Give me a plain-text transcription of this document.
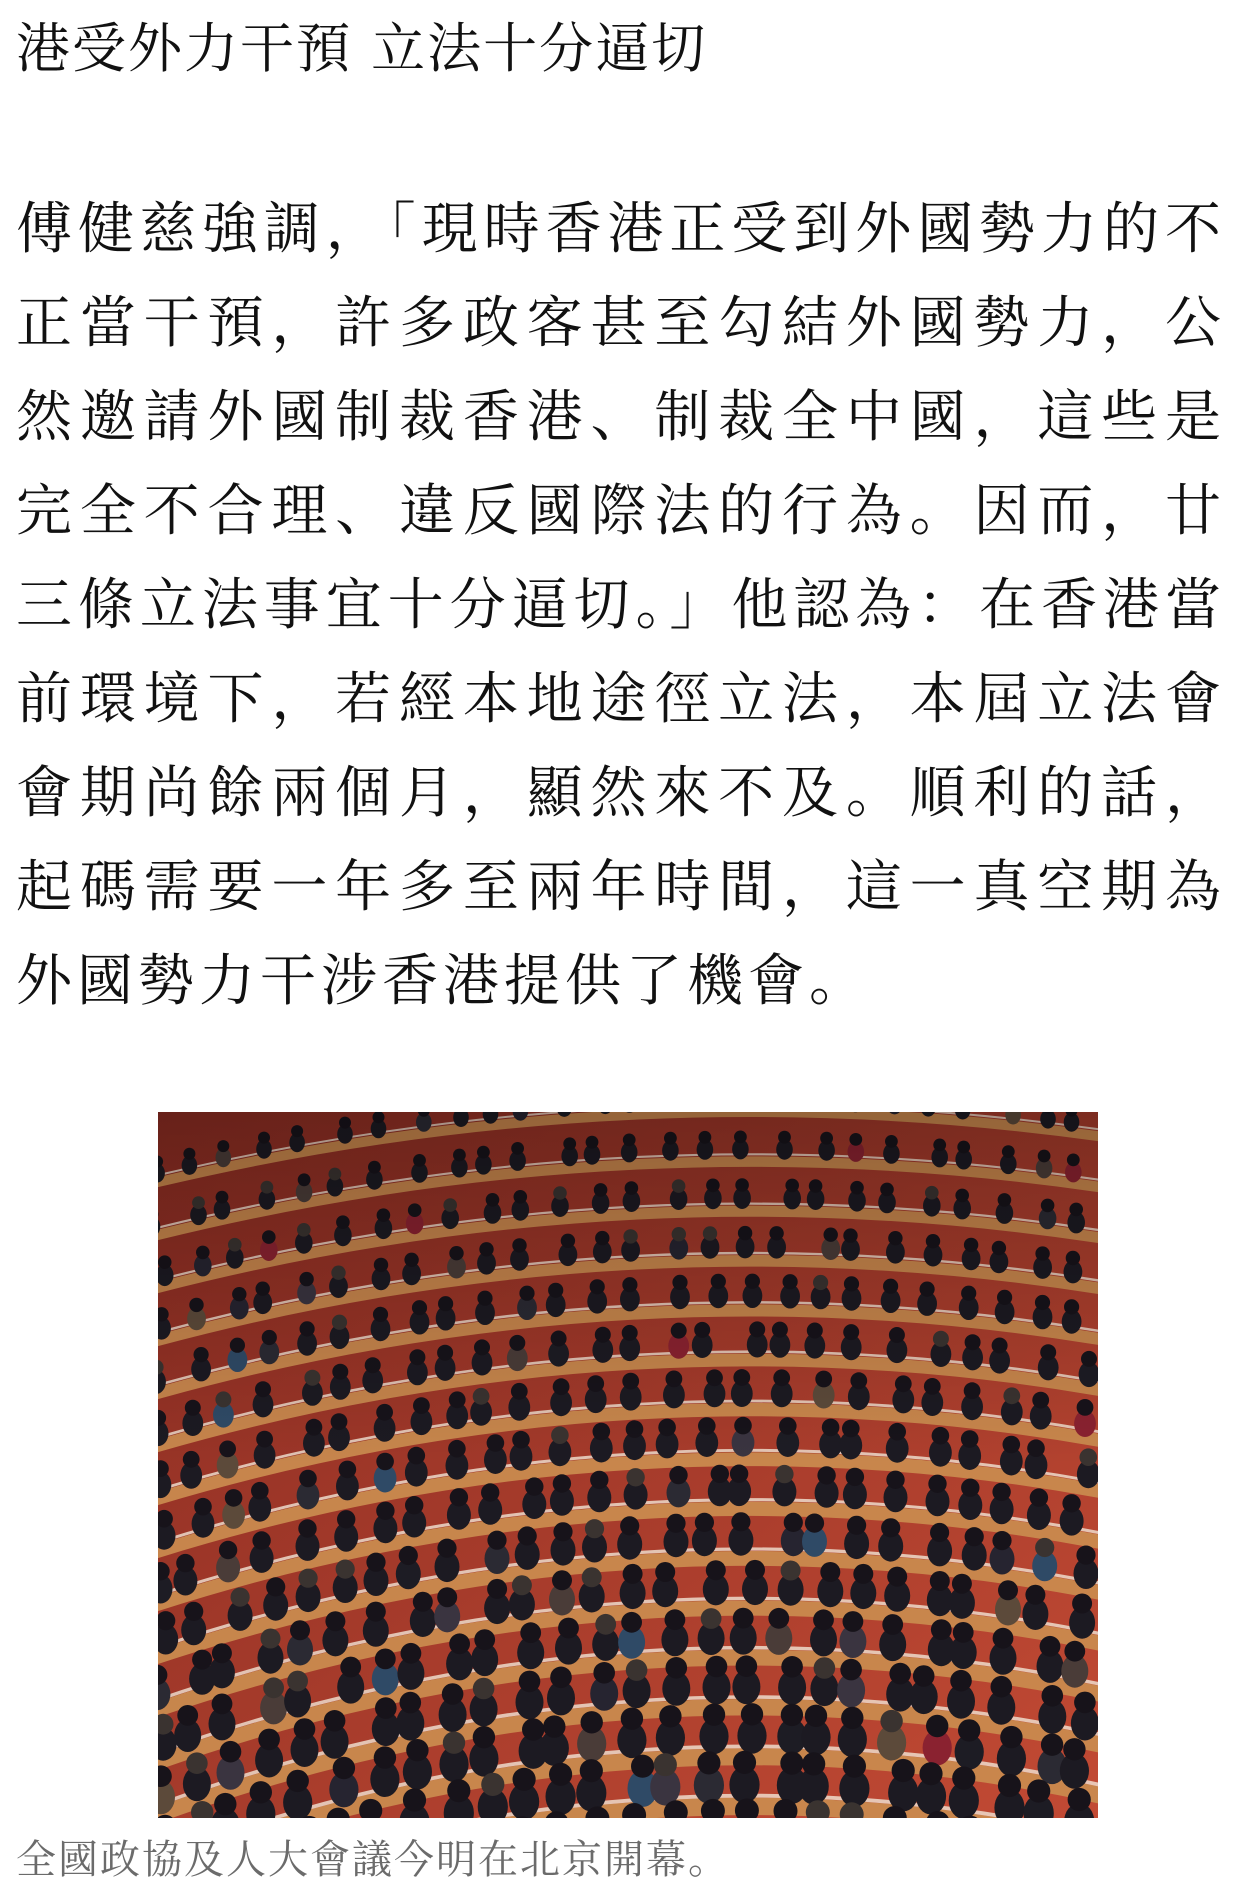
港受外力干預 立法十分逼切

傅健慈強調，「現時香港正受到外國勢力的不正當干預，許多政客甚至勾結外國勢力，公然邀請外國制裁香港、制裁全中國，這些是完全不合理、違反國際法的行為。因而，廿三條立法事宜十分逼切。」他認為：在香港當前環境下，若經本地途徑立法，本屆立法會會期尚餘兩個月，顯然來不及。順利的話，起碼需要一年多至兩年時間，這一真空期為外國勢力干涉香港提供了機會。

全國政協及人大會議今明在北京開幕。
